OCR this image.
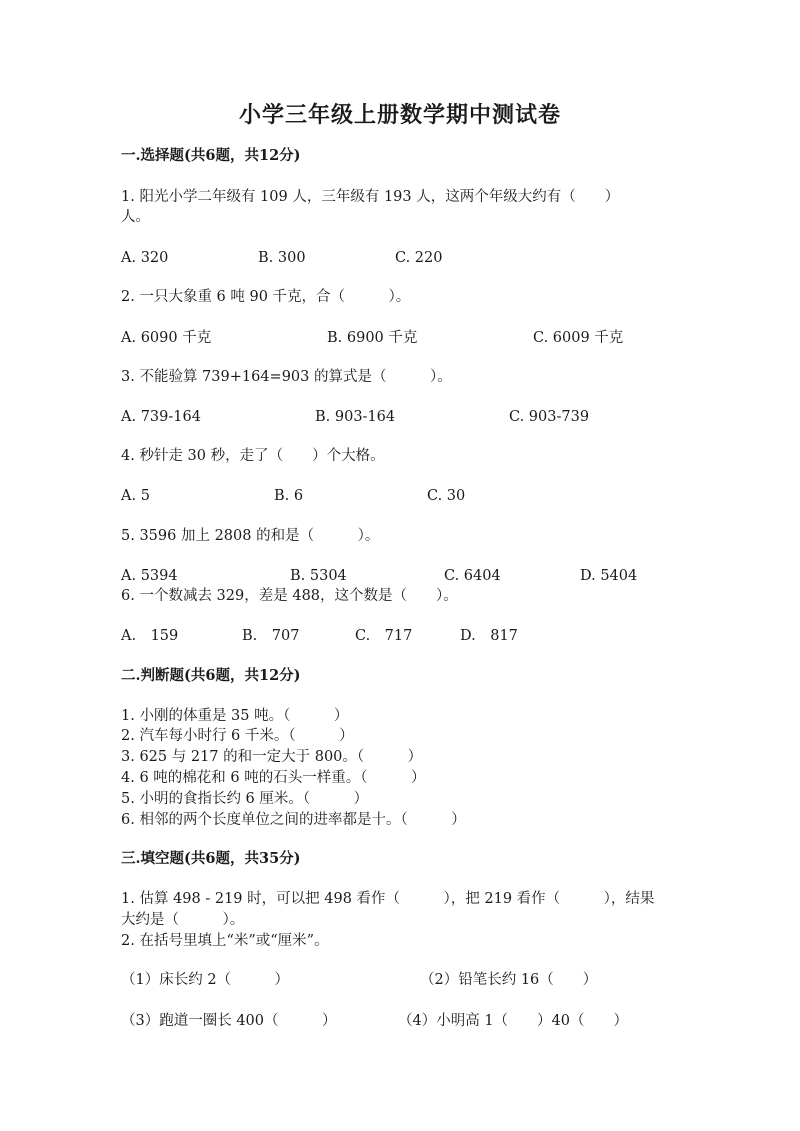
小学三年级上册数学期中测试卷
一.选择题(共6题，共12分)
1. 阳光小学二年级有 109 人，三年级有 193 人，这两个年级大约有（　　）
人。
A. 320	B. 300	C. 220
2. 一只大象重 6 吨 90 千克，合（　　　）。
A. 6090 千克	B. 6900 千克	C. 6009 千克
3. 不能验算 739+164=903 的算式是（　　　）。
A. 739-164	B. 903-164	C. 903-739
4. 秒针走 30 秒，走了（　　）个大格。
A. 5	B. 6	C. 30
5. 3596 加上 2808 的和是（　　　）。
A. 5394	B. 5304	C. 6404	D. 5404
6. 一个数减去 329，差是 488，这个数是（　　）。
A.　159	B.　707	C.　717	D.　817
二.判断题(共6题，共12分)
1. 小刚的体重是 35 吨。（　　　）
2. 汽车每小时行 6 千米。（　　　）
3. 625 与 217 的和一定大于 800。（　　　）
4. 6 吨的棉花和 6 吨的石头一样重。（　　　）
5. 小明的食指长约 6 厘米。（　　　）
6. 相邻的两个长度单位之间的进率都是十。（　　　）
三.填空题(共6题，共35分)
1. 估算 498 - 219 时，可以把 498 看作（　　　），把 219 看作（　　　），结果
大约是（　　　）。
2. 在括号里填上“米”或“厘米”。
（1）床长约 2（　　　）	（2）铅笔长约 16（　　）
（3）跑道一圈长 400（　　　）	（4）小明高 1（　　）40（　　）
